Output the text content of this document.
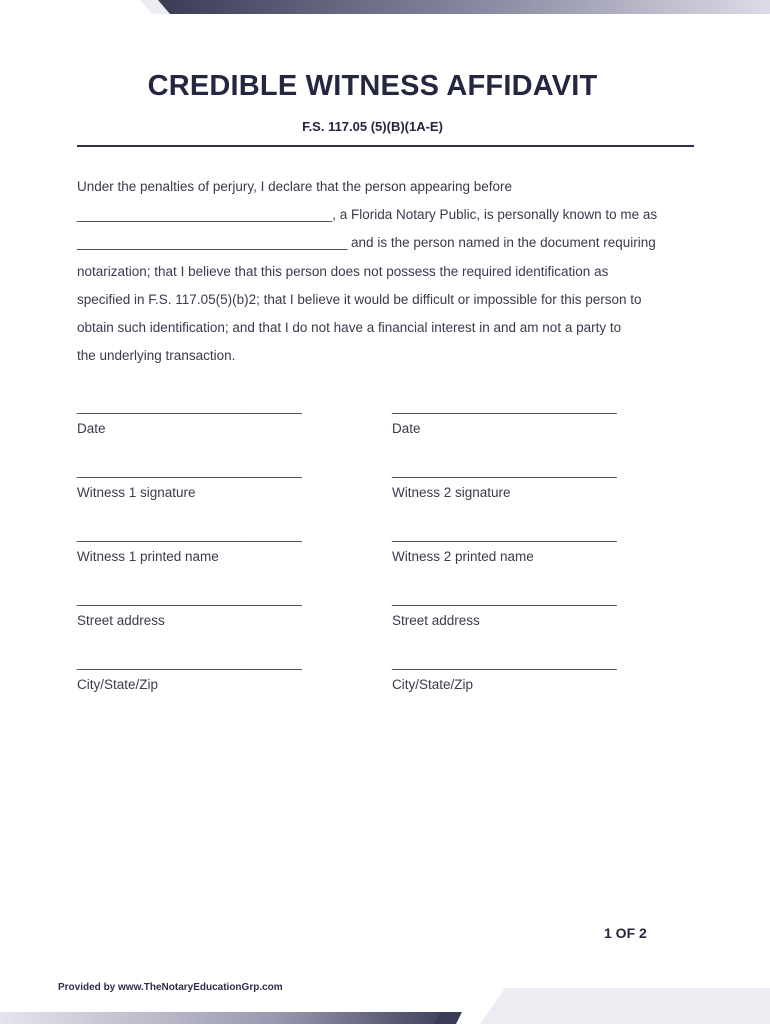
CREDIBLE WITNESS AFFIDAVIT
F.S. 117.05 (5)(B)(1A-E)

Under the penalties of perjury, I declare that the person appearing before

__________________________________, a Florida Notary Public, is personally known to me as

____________________________________ and is the person named in the document requiring

notarization; that I believe that this person does not possess the required identification as

specified in F.S. 117.05(5)(b)2; that I believe it would be difficult or impossible for this person to

obtain such identification; and that I do not have a financial interest in and am not a party to

the underlying transaction.

________________________________
Date
________________________________
Witness 1 signature
________________________________
Witness 1 printed name
________________________________
Street address
________________________________
City/State/Zip
________________________________
Date
________________________________
Witness 2 signature
________________________________
Witness 2 printed name
________________________________
Street address
________________________________
City/State/Zip
1 OF 2
Provided by www.TheNotaryEducationGrp.com
